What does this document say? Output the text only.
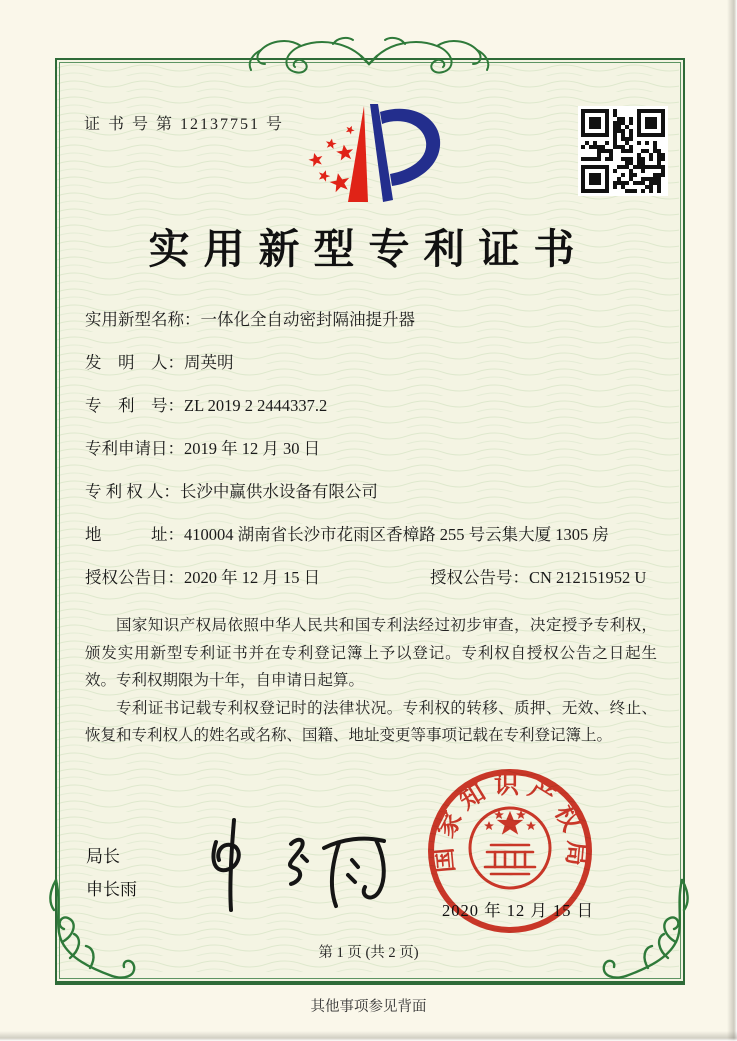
证 书 号 第 12137751 号
实用新型专利证书
实用新型名称：一体化全自动密封隔油提升器
发　明　人：周英明
专　利　号：ZL 2019 2 2444337.2
专利申请日：2019 年 12 月 30 日
专 利 权 人：长沙中赢供水设备有限公司
地　　　址：410004 湖南省长沙市花雨区香樟路 255 号云集大厦 1305 房
授权公告日：2020 年 12 月 15 日	授权公告号：CN 212151952 U

国家知识产权局依照中华人民共和国专利法经过初步审查，决定授予专利权，颁发实用新型专利证书并在专利登记簿上予以登记。专利权自授权公告之日起生效。专利权期限为十年，自申请日起算。

专利证书记载专利权登记时的法律状况。专利权的转移、质押、无效、终止、恢复和专利权人的姓名或名称、国籍、地址变更等事项记载在专利登记簿上。

局长
申长雨
国家知识产权局
2020 年 12 月 15 日
第 1 页 (共 2 页)
其他事项参见背面
